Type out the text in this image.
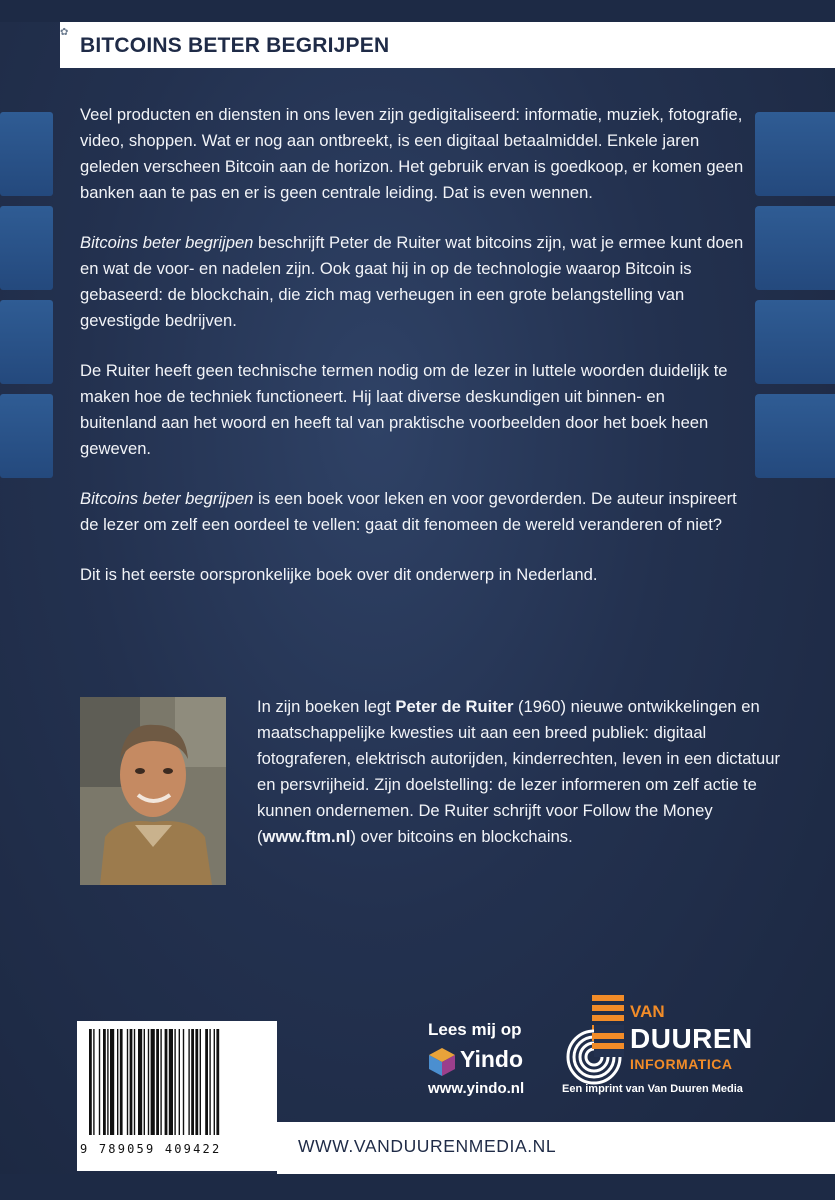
✿
BITCOINS BETER BEGRIJPEN

Veel producten en diensten in ons leven zijn gedigitaliseerd: informatie, muziek, fotografie, video, shoppen. Wat er nog aan ontbreekt, is een digitaal betaalmiddel. Enkele jaren geleden verscheen Bitcoin aan de horizon. Het gebruik ervan is goedkoop, er komen geen banken aan te pas en er is geen centrale leiding. Dat is even wennen.

Bitcoins beter begrijpen beschrijft Peter de Ruiter wat bitcoins zijn, wat je ermee kunt doen en wat de voor- en nadelen zijn. Ook gaat hij in op de technologie waarop Bitcoin is gebaseerd: de blockchain, die zich mag verheugen in een grote belangstelling van gevestigde bedrijven.

De Ruiter heeft geen technische termen nodig om de lezer in luttele woorden duidelijk te maken hoe de techniek functioneert. Hij laat diverse deskundigen uit binnen- en buitenland aan het woord en heeft tal van praktische voorbeelden door het boek heen geweven.

Bitcoins beter begrijpen is een boek voor leken en voor gevorderden. De auteur inspireert de lezer om zelf een oordeel te vellen: gaat dit fenomeen de wereld veranderen of niet?

Dit is het eerste oorspronkelijke boek over dit onderwerp in Nederland.

In zijn boeken legt Peter de Ruiter (1960) nieuwe ontwikkelingen en maatschappelijke kwesties uit aan een breed publiek: digitaal fotograferen, elektrisch autorijden, kinderrechten, leven in een dictatuur en persvrijheid. Zijn doelstelling: de lezer informeren om zelf actie te kunnen ondernemen. De Ruiter schrijft voor Follow the Money (www.ftm.nl) over bitcoins en blockchains.
Lees mij op
Yindo
www.yindo.nl
VAN
DUUREN
INFORMATICA
Een imprint van Van Duuren Media
9 789059 409422	WWW.VANDUURENMEDIA.NL
